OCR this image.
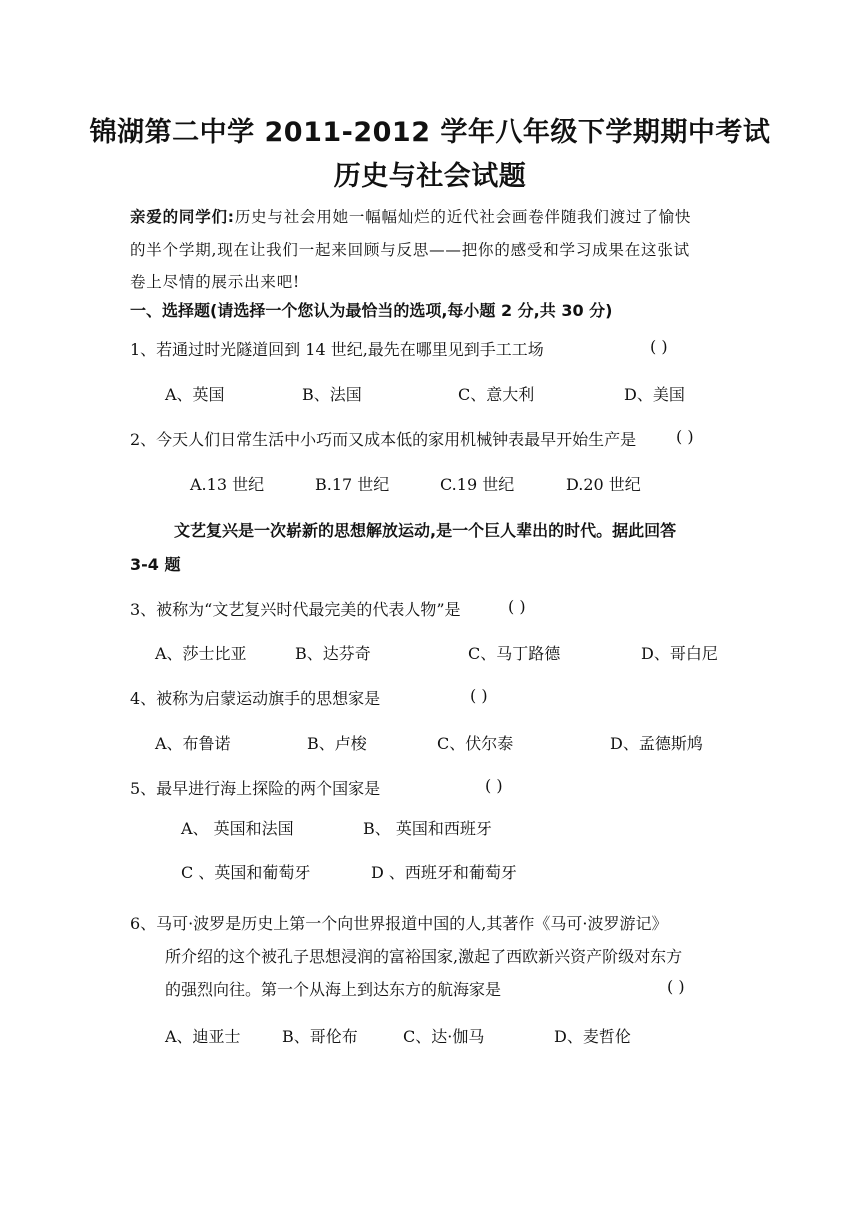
锦湖第二中学 2011-2012 学年八年级下学期期中考试
历史与社会试题
亲爱的同学们:历史与社会用她一幅幅灿烂的近代社会画卷伴随我们渡过了愉快
的半个学期,现在让我们一起来回顾与反思——把你的感受和学习成果在这张试
卷上尽情的展示出来吧!
一、选择题(请选择一个您认为最恰当的选项,每小题 2 分,共 30 分)
1、若通过时光隧道回到 14 世纪,最先在哪里见到手工工场	( )
A、英国	B、法国	C、意大利	D、美国
2、今天人们日常生活中小巧而又成本低的家用机械钟表最早开始生产是 ( )
A.13 世纪	B.17 世纪	C.19 世纪	D.20 世纪
文艺复兴是一次崭新的思想解放运动,是一个巨人辈出的时代。据此回答
3-4 题
3、被称为“文艺复兴时代最完美的代表人物”是	( )
A、莎士比亚	B、达芬奇	C、马丁路德	D、哥白尼
4、被称为启蒙运动旗手的思想家是	( )
A、布鲁诺	B、卢梭	C、伏尔泰	D、孟德斯鸠
5、最早进行海上探险的两个国家是	( )
A、 英国和法国	B、 英国和西班牙
C 、英国和葡萄牙	D 、西班牙和葡萄牙
6、马可·波罗是历史上第一个向世界报道中国的人,其著作《马可·波罗游记》
所介绍的这个被孔子思想浸润的富裕国家,激起了西欧新兴资产阶级对东方
的强烈向往。第一个从海上到达东方的航海家是	( )
A、迪亚士	B、哥伦布	C、达·伽马	D、麦哲伦
